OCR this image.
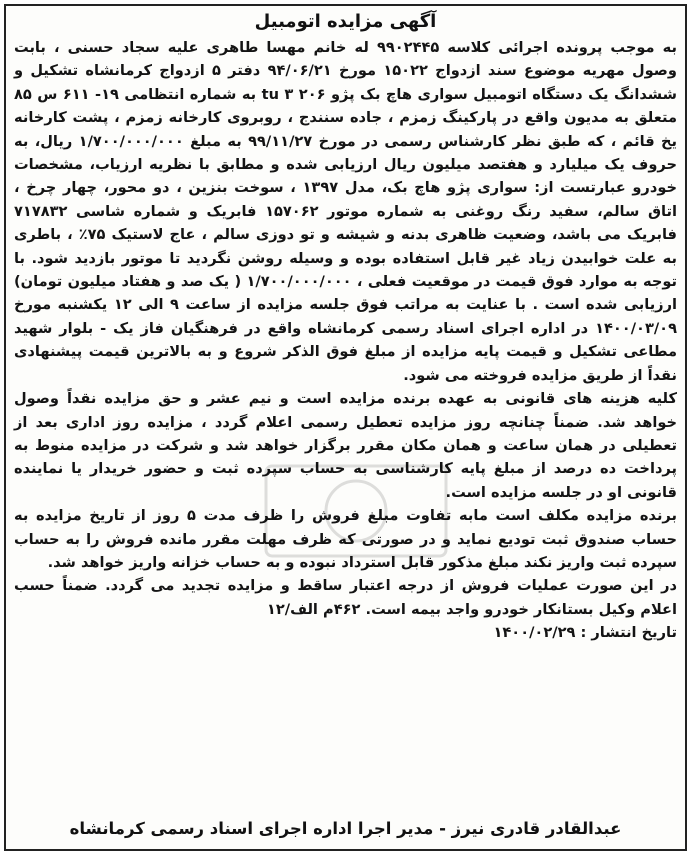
آگهی مزایده اتومبیل

به موجب پرونده اجرائی کلاسه ۹۹۰۲۴۴۵ له خانم مهسا طاهری علیه سجاد حسنی ، بابت وصول مهریه موضوع سند ازدواج ۱۵۰۲۲ مورخ ۹۴/۰۶/۲۱ دفتر ۵ ازدواج کرمانشاه تشکیل و ششدانگ یک دستگاه اتومبیل سواری هاچ بک پژو ۲۰۶ tu ۳ به شماره انتظامی ۱۹- ۶۱۱ س ۸۵ متعلق به مدیون واقع در پارکینگ زمزم ، جاده سنندج ، روبروی کارخانه زمزم ، پشت کارخانه یخ قائم ، که طبق نظر کارشناس رسمی در مورخ ۹۹/۱۱/۲۷ به مبلغ ۱/۷۰۰/۰۰۰/۰۰۰ ریال، به حروف یک میلیارد و هفتصد میلیون ریال ارزیابی شده و مطابق با نظریه ارزیاب، مشخصات خودرو عبارتست از: سواری پژو هاچ بک، مدل ۱۳۹۷ ، سوخت بنزین ، دو محور، چهار چرخ ، اتاق سالم، سفید رنگ روغنی به شماره موتور ۱۵۷۰۶۲ فابریک و شماره شاسی ۷۱۷۸۳۲ فابریک می باشد، وضعیت ظاهری بدنه و شیشه و تو دوزی سالم ، عاج لاستیک ۷۵٪ ، باطری به علت خوابیدن زیاد غیر قابل استفاده بوده و وسیله روشن نگردید تا موتور بازدید شود. با توجه به موارد فوق قیمت در موقعیت فعلی ، ۱/۷۰۰/۰۰۰/۰۰۰ ( یک صد و هفتاد میلیون تومان) ارزیابی شده است . با عنایت به مراتب فوق جلسه مزایده از ساعت ۹ الی ۱۲ یکشنبه مورخ ۱۴۰۰/۰۳/۰۹ در اداره اجرای اسناد رسمی کرمانشاه واقع در فرهنگیان فاز یک - بلوار شهید مطاعی تشکیل و قیمت پایه مزایده از مبلغ فوق الذکر شروع و به بالاترین قیمت پیشنهادی نقداً از طریق مزایده فروخته می شود.

کلیه هزینه های قانونی به عهده برنده مزایده است و نیم عشر و حق مزایده نقداً وصول خواهد شد. ضمناً چنانچه روز مزایده تعطیل رسمی اعلام گردد ، مزایده روز اداری بعد از تعطیلی در همان ساعت و همان مکان مقرر برگزار خواهد شد و شرکت در مزایده منوط به پرداخت ده درصد از مبلغ پایه کارشناسی به حساب سپرده ثبت و حضور خریدار یا نماینده قانونی او در جلسه مزایده است.

برنده مزایده مکلف است مابه تفاوت مبلغ فروش را ظرف مدت ۵ روز از تاریخ مزایده به حساب صندوق ثبت تودیع نماید و در صورتی که ظرف مهلت مقرر مانده فروش را به حساب سپرده ثبت واریز نکند مبلغ مذکور قابل استرداد نبوده و به حساب خزانه واریز خواهد شد.

در این صورت عملیات فروش از درجه اعتبار ساقط و مزایده تجدید می گردد. ضمناً حسب اعلام وکیل بستانکار خودرو واجد بیمه است. ۴۶۲م الف/۱۲

تاریخ انتشار : ۱۴۰۰/۰۲/۲۹

عبدالقادر قادری نیرز - مدیر اجرا اداره اجرای اسناد رسمی کرمانشاه
